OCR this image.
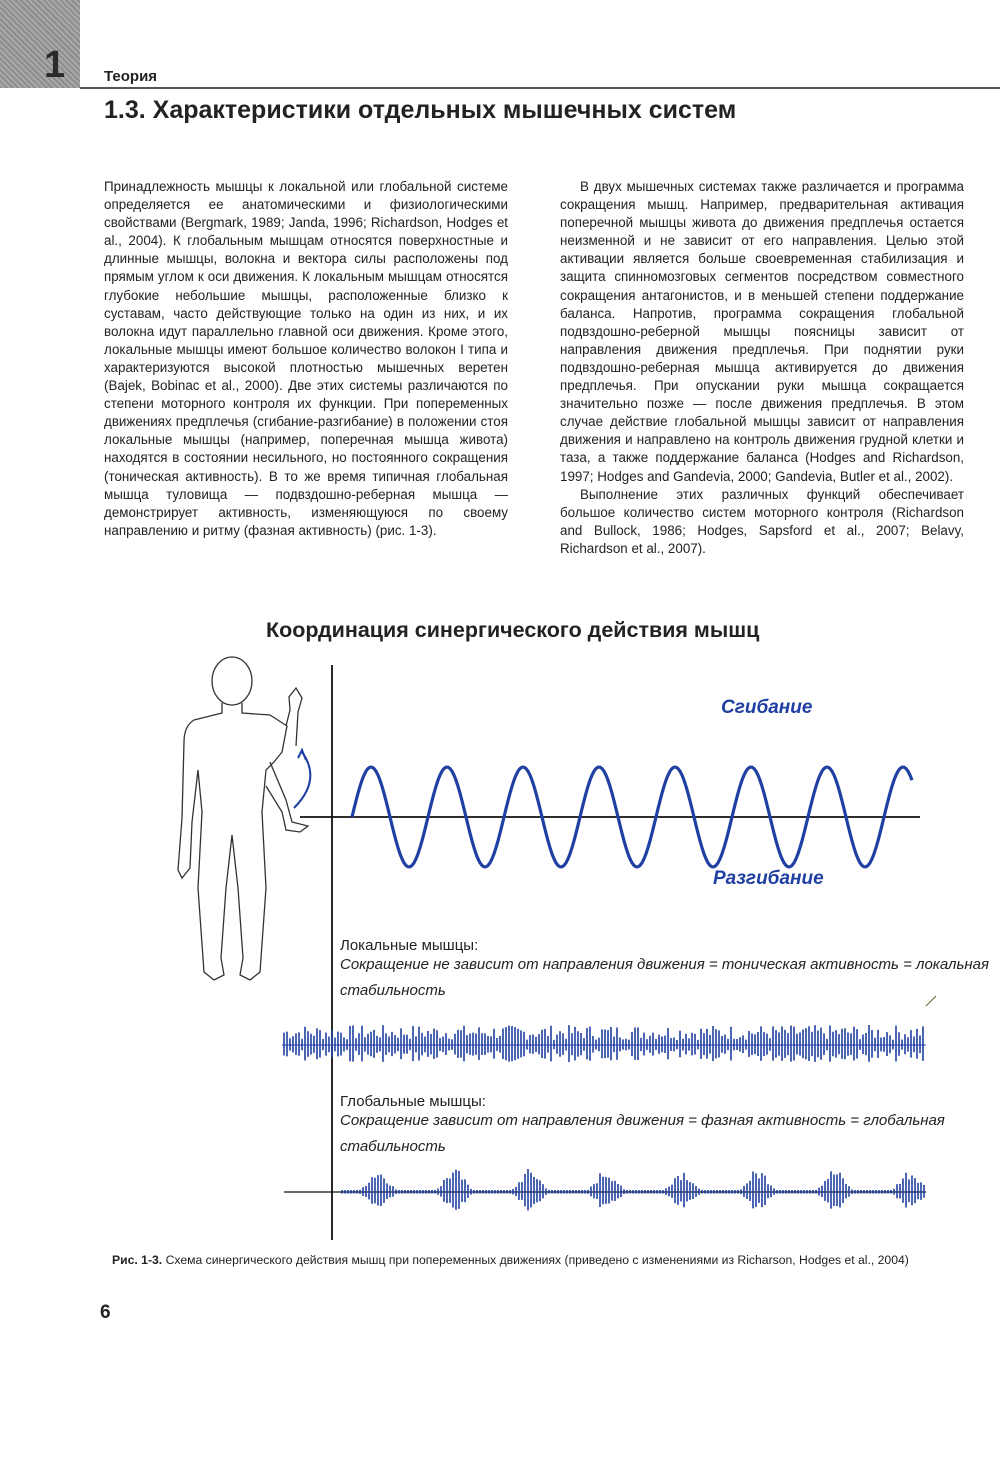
1	Теория
1.3. Характеристики отдельных мышечных систем

Принадлежность мышцы к локальной или глобальной системе определяется ее анатомическими и физиологическими свойствами (Bergmark, 1989; Janda, 1996; Richardson, Hodges et al., 2004). К глобальным мышцам относятся поверхностные и длинные мышцы, волокна и вектора силы расположены под прямым углом к оси движения. К локальным мышцам относятся глубокие небольшие мышцы, расположенные близко к суставам, часто действующие только на один из них, и их волокна идут параллельно главной оси движения. Кроме этого, локальные мышцы имеют большое количество волокон I типа и характеризуются высокой плотностью мышечных веретен (Bajek, Bobinac et al., 2000). Две этих системы различаются по степени моторного контроля их функции. При попеременных движениях предплечья (сгибание-разгибание) в положении стоя локальные мышцы (например, поперечная мышца живота) находятся в состоянии несильного, но постоянного сокращения (тоническая активность). В то же время типичная глобальная мышца туловища — подвздошно-реберная мышца — демонстрирует активность, изменяющуюся по своему направлению и ритму (фазная активность) (рис. 1-3).

В двух мышечных системах также различается и программа сокращения мышц. Например, предварительная активация поперечной мышцы живота до движения предплечья остается неизменной и не зависит от его направления. Целью этой активации является больше своевременная стабилизация и защита спинномозговых сегментов посредством совместного сокращения антагонистов, и в меньшей степени поддержание баланса. Напротив, программа сокращения глобальной подвздошно-реберной мышцы поясницы зависит от направления движения предплечья. При поднятии руки подвздошно-реберная мышца активируется до движения предплечья. При опускании руки мышца сокращается значительно позже — после движения предплечья. В этом случае действие глобальной мышцы зависит от направления движения и направлено на контроль движения грудной клетки и таза, а также поддержание баланса (Hodges and Richardson, 1997; Hodges and Gandevia, 2000; Gandevia, Butler et al., 2002).

Выполнение этих различных функций обеспечивает большое количество систем моторного контроля (Richardson and Bullock, 1986; Hodges, Sapsford et al., 2007; Belavy, Richardson et al., 2007).

Координация синергического действия мышц
Сгибание
Разгибание
Локальные мышцы:
Сокращение не зависит от направления движения = тоническая активность = локальная
стабильность
Глобальные мышцы:
Сокращение зависит от направления движения = фазная активность = глобальная
стабильность
Рис. 1-3. Схема синергического действия мышц при попеременных движениях (приведено с изменениями из Richarson, Hodges et al., 2004)
6
